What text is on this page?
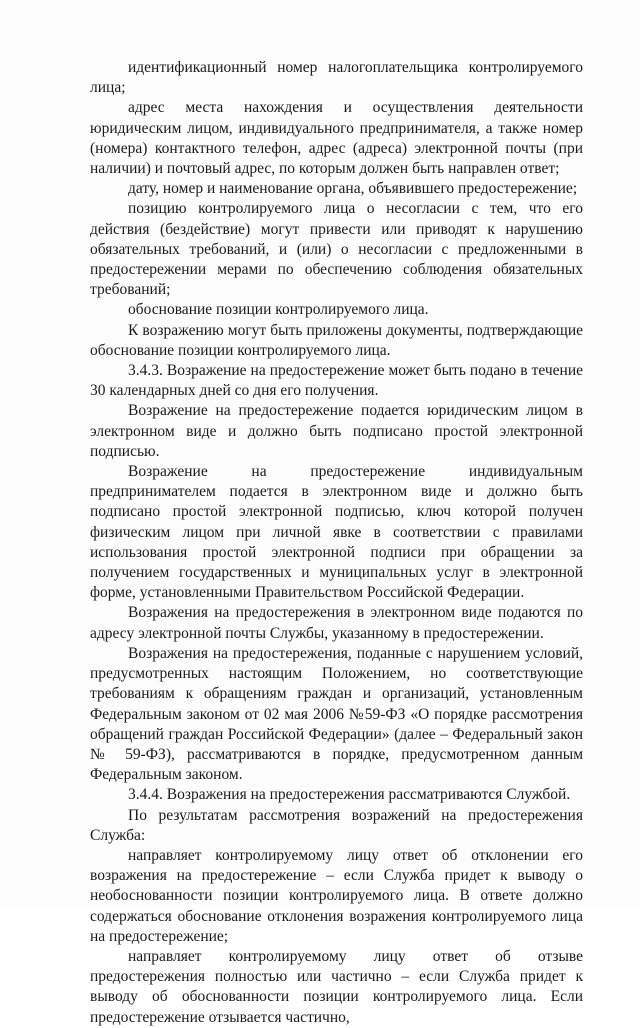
идентификационный номер налогоплательщика контролируемого лица;

адрес места нахождения и осуществления деятельности юридическим лицом, индивидуального предпринимателя, а также номер (номера) контактного телефон, адрес (адреса) электронной почты (при наличии) и почтовый адрес, по которым должен быть направлен ответ;

дату, номер и наименование органа, объявившего предостережение;

позицию контролируемого лица о несогласии с тем, что его действия (бездействие) могут привести или приводят к нарушению обязательных требований, и (или) о несогласии с предложенными в предостережении мерами по обеспечению соблюдения обязательных требований;

обоснование позиции контролируемого лица.

К возражению могут быть приложены документы, подтверждающие обоснование позиции контролируемого лица.

3.4.3. Возражение на предостережение может быть подано в течение 30 календарных дней со дня его получения.

Возражение на предостережение подается юридическим лицом в электронном виде и должно быть подписано простой электронной подписью.

Возражение на предостережение индивидуальным предпринимателем подается в электронном виде и должно быть подписано простой электронной подписью, ключ которой получен физическим лицом при личной явке в соответствии с правилами использования простой электронной подписи при обращении за получением государственных и муниципальных услуг в электронной форме, установленными Правительством Российской Федерации.

Возражения на предостережения в электронном виде подаются по адресу электронной почты Службы, указанному в предостережении.

Возражения на предостережения, поданные с нарушением условий, предусмотренных настоящим Положением, но соответствующие требованиям к обращениям граждан и организаций, установленным Федеральным законом от 02 мая 2006 №59-ФЗ «О порядке рассмотрения обращений граждан Российской Федерации» (далее – Федеральный закон № 59-ФЗ), рассматриваются в порядке, предусмотренном данным Федеральным законом.

3.4.4. Возражения на предостережения рассматриваются Службой.

По результатам рассмотрения возражений на предостережения Служба:

направляет контролируемому лицу ответ об отклонении его возражения на предостережение – если Служба придет к выводу о необоснованности позиции контролируемого лица. В ответе должно содержаться обоснование отклонения возражения контролируемого лица на предостережение;

направляет контролируемому лицу ответ об отзыве предостережения полностью или частично – если Служба придет к выводу об обоснованности позиции контролируемого лица. Если предостережение отзывается частично,
